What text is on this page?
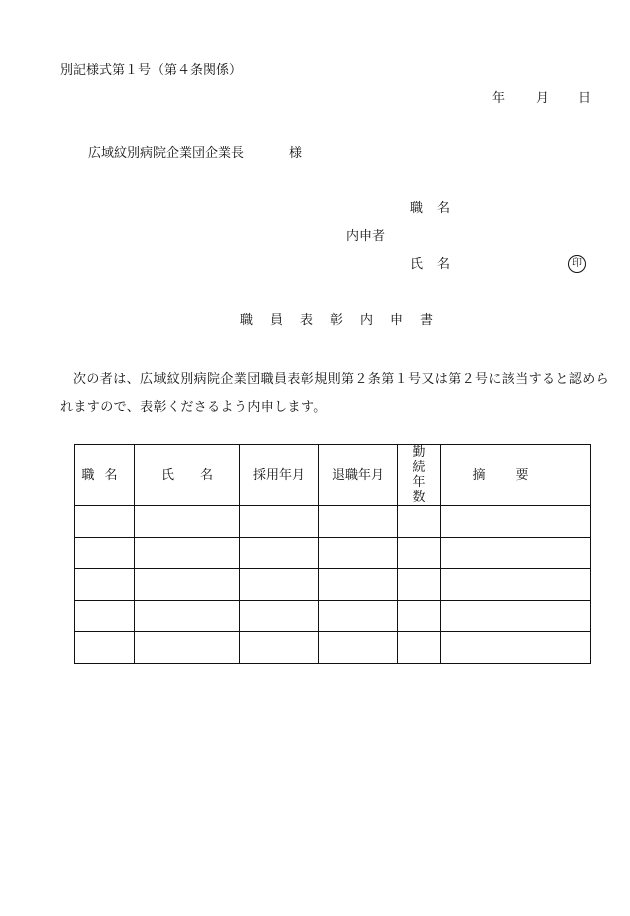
別記様式第１号（第４条関係）
年 月 日
広域紋別病院企業団企業長	様
職名
内申者
氏名	印
職員表彰内申書
次の者は、広域紋別病院企業団職員表彰規則第２条第１号又は第２号に該当すると認められますので、表彰くださるよう内申します。
職名	氏　　名	採用年月	退職年月	勤続年数	摘要
